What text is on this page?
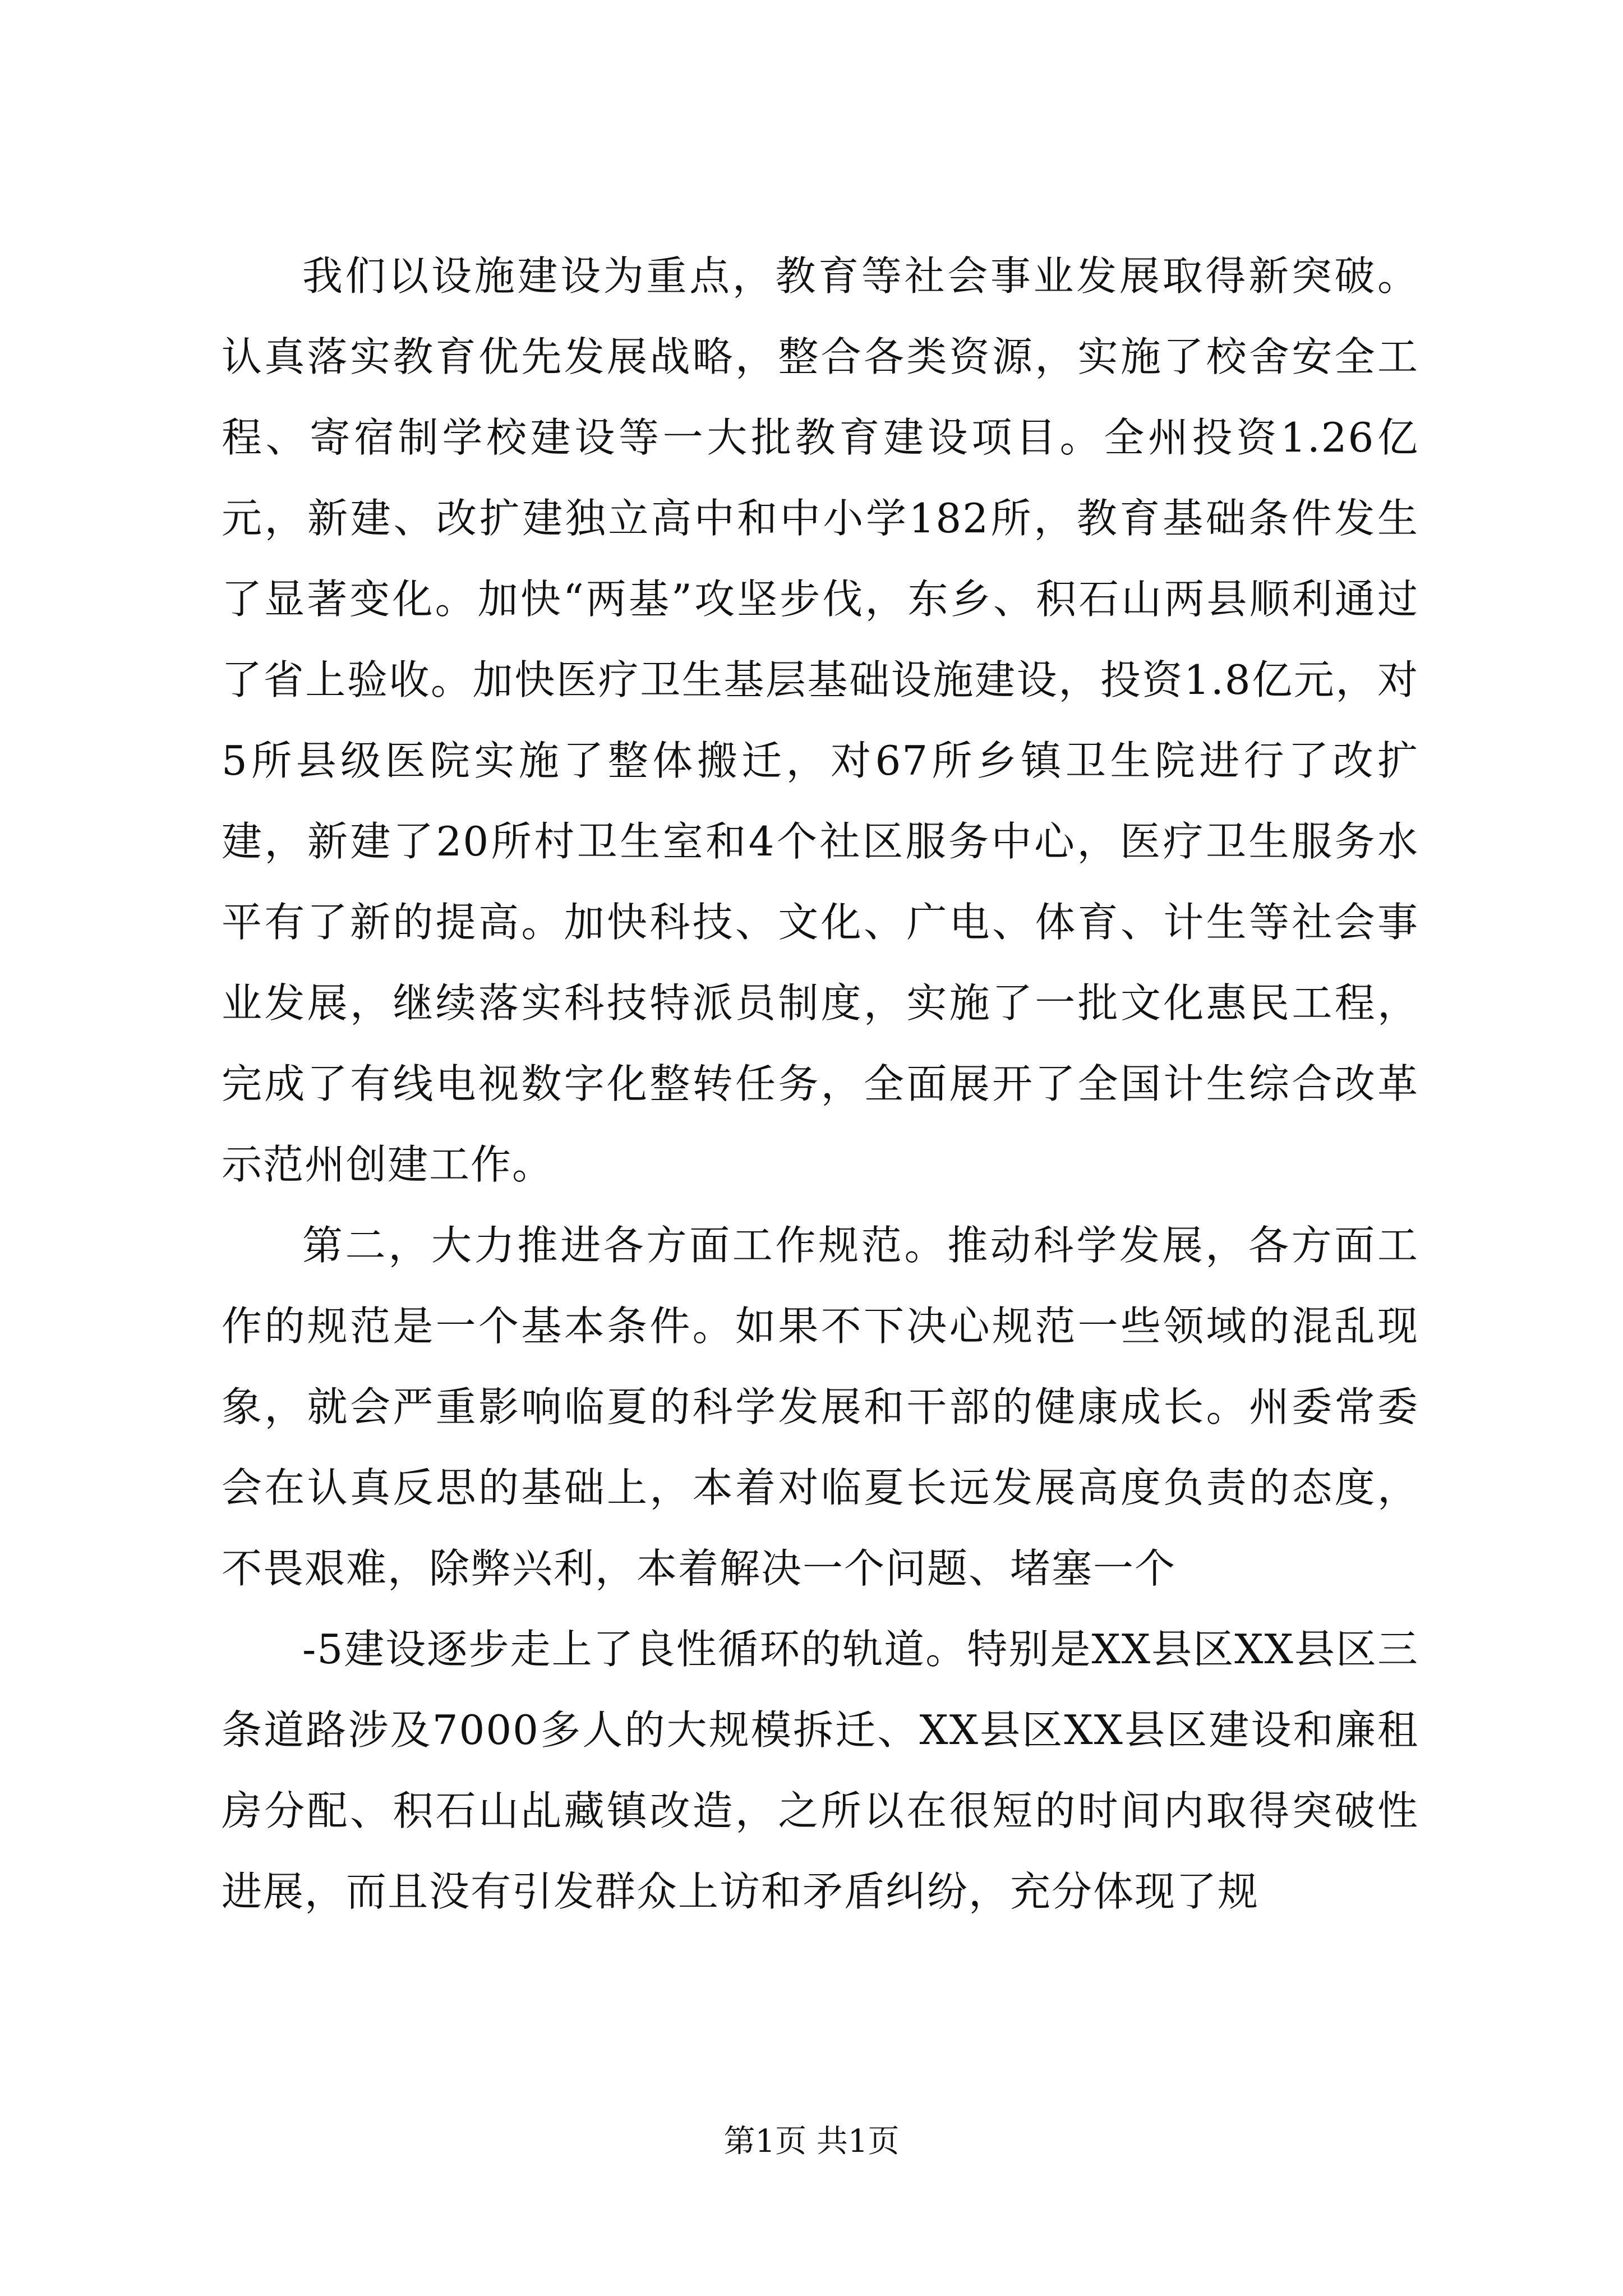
我们以设施建设为重点，教育等社会事业发展取得新突破。认真落实教育优先发展战略，整合各类资源，实施了校舍安全工程、寄宿制学校建设等一大批教育建设项目。全州投资1.26亿元，新建、改扩建独立高中和中小学182所，教育基础条件发生了显著变化。加快“两基”攻坚步伐，东乡、积石山两县顺利通过了省上验收。加快医疗卫生基层基础设施建设，投资1.8亿元，对5所县级医院实施了整体搬迁，对67所乡镇卫生院进行了改扩建，新建了20所村卫生室和4个社区服务中心，医疗卫生服务水平有了新的提高。加快科技、文化、广电、体育、计生等社会事业发展，继续落实科技特派员制度，实施了一批文化惠民工程，完成了有线电视数字化整转任务，全面展开了全国计生综合改革示范州创建工作。

第二，大力推进各方面工作规范。推动科学发展，各方面工作的规范是一个基本条件。如果不下决心规范一些领域的混乱现象，就会严重影响临夏的科学发展和干部的健康成长。州委常委会在认真反思的基础上，本着对临夏长远发展高度负责的态度，不畏艰难，除弊兴利，本着解决一个问题、堵塞一个

-5建设逐步走上了良性循环的轨道。特别是XX县区XX县区三条道路涉及7000多人的大规模拆迁、XX县区XX县区建设和廉租房分配、积石山乩藏镇改造，之所以在很短的时间内取得突破性进展，而且没有引发群众上访和矛盾纠纷，充分体现了规

第1页 共1页
